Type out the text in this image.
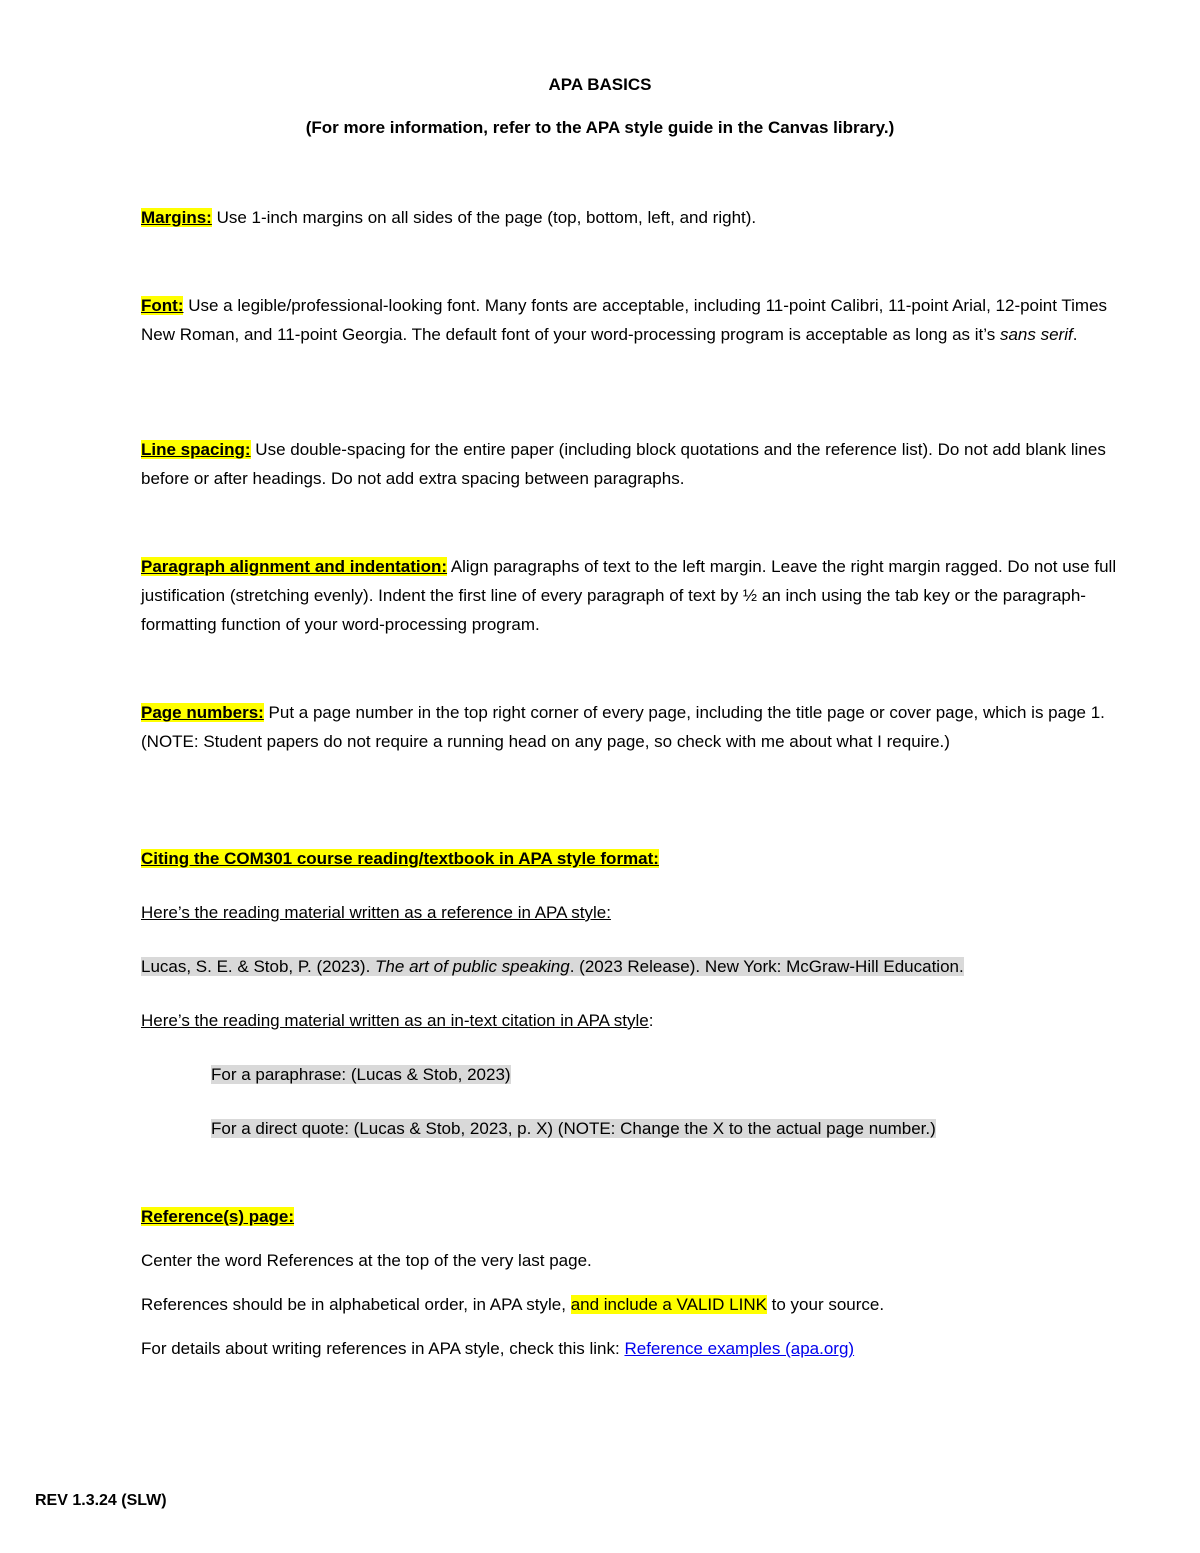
APA BASICS
(For more information, refer to the APA style guide in the Canvas library.)
Margins: Use 1-inch margins on all sides of the page (top, bottom, left, and right).
Font: Use a legible/professional-looking font. Many fonts are acceptable, including 11-point Calibri, 11-point Arial, 12-point Times New Roman, and 11-point Georgia. The default font of your word-processing program is acceptable as long as it’s sans serif.
Line spacing: Use double-spacing for the entire paper (including block quotations and the reference list). Do not add blank lines before or after headings. Do not add extra spacing between paragraphs.
Paragraph alignment and indentation: Align paragraphs of text to the left margin. Leave the right margin ragged. Do not use full justification (stretching evenly). Indent the first line of every paragraph of text by ½ an inch using the tab key or the paragraph-formatting function of your word-processing program.
Page numbers: Put a page number in the top right corner of every page, including the title page or cover page, which is page 1. (NOTE: Student papers do not require a running head on any page, so check with me about what I require.)
Citing the COM301 course reading/textbook in APA style format:
Here’s the reading material written as a reference in APA style:
Lucas, S. E. & Stob, P. (2023). The art of public speaking. (2023 Release). New York: McGraw-Hill Education.
Here’s the reading material written as an in-text citation in APA style:
For a paraphrase: (Lucas & Stob, 2023)
For a direct quote: (Lucas & Stob, 2023, p. X) (NOTE: Change the X to the actual page number.)
Reference(s) page:
Center the word References at the top of the very last page.
References should be in alphabetical order, in APA style, and include a VALID LINK to your source.
For details about writing references in APA style, check this link: Reference examples (apa.org)
REV 1.3.24 (SLW)
